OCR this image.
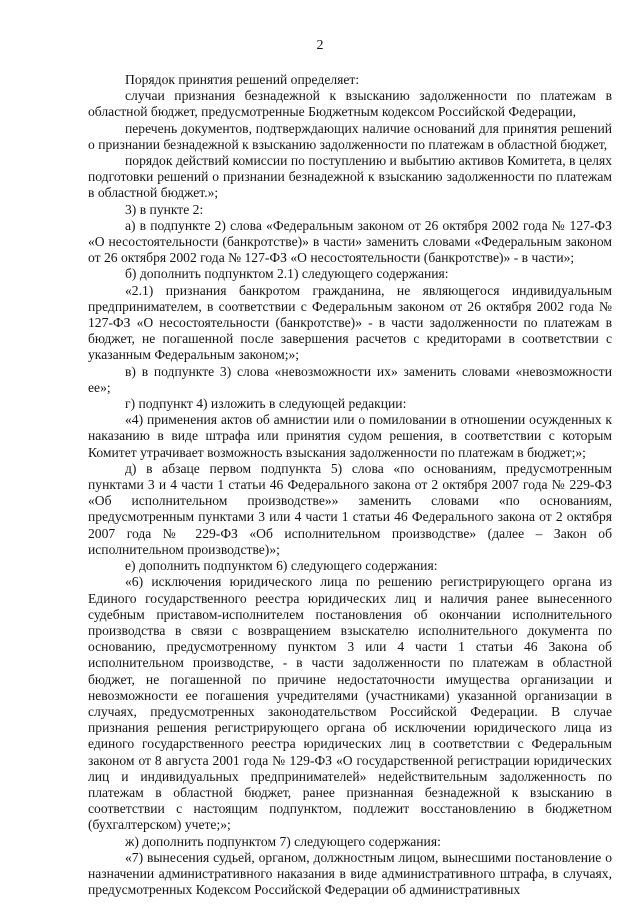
2

Порядок принятия решений определяет:

случаи признания безнадежной к взысканию задолженности по платежам в областной бюджет, предусмотренные Бюджетным кодексом Российской Федерации,

перечень документов, подтверждающих наличие оснований для принятия решений о признании безнадежной к взысканию задолженности по платежам в областной бюджет,

порядок действий комиссии по поступлению и выбытию активов Комитета, в целях подготовки решений о признании безнадежной к взысканию задолженности по платежам в областной бюджет.»;

3) в пункте 2:

а) в подпункте 2) слова «Федеральным законом от 26 октября 2002 года № 127-ФЗ «О несостоятельности (банкротстве)» в части» заменить словами «Федеральным законом от 26 октября 2002 года № 127-ФЗ «О несостоятельности (банкротстве)» - в части»;

б) дополнить подпунктом 2.1) следующего содержания:

«2.1) признания банкротом гражданина, не являющегося индивидуальным предпринимателем, в соответствии с Федеральным законом от 26 октября 2002 года № 127-ФЗ «О несостоятельности (банкротстве)» - в части задолженности по платежам в бюджет, не погашенной после завершения расчетов с кредиторами в соответствии с указанным Федеральным законом;»;

в) в подпункте 3) слова «невозможности их» заменить словами «невозможности ее»;

г) подпункт 4) изложить в следующей редакции:

«4) применения актов об амнистии или о помиловании в отношении осужденных к наказанию в виде штрафа или принятия судом решения, в соответствии с которым Комитет утрачивает возможность взыскания задолженности по платежам в бюджет;»;

д) в абзаце первом подпункта 5) слова «по основаниям, предусмотренным пунктами 3 и 4 части 1 статьи 46 Федерального закона от 2 октября 2007 года № 229-ФЗ «Об исполнительном производстве»» заменить словами «по основаниям, предусмотренным пунктами 3 или 4 части 1 статьи 46 Федерального закона от 2 октября 2007 года № 229-ФЗ «Об исполнительном производстве» (далее – Закон об исполнительном производстве)»;

е) дополнить подпунктом 6) следующего содержания:

«6) исключения юридического лица по решению регистрирующего органа из Единого государственного реестра юридических лиц и наличия ранее вынесенного судебным приставом-исполнителем постановления об окончании исполнительного производства в связи с возвращением взыскателю исполнительного документа по основанию, предусмотренному пунктом 3 или 4 части 1 статьи 46 Закона об исполнительном производстве, - в части задолженности по платежам в областной бюджет, не погашенной по причине недостаточности имущества организации и невозможности ее погашения учредителями (участниками) указанной организации в случаях, предусмотренных законодательством Российской Федерации. В случае признания решения регистрирующего органа об исключении юридического лица из единого государственного реестра юридических лиц в соответствии с Федеральным законом от 8 августа 2001 года № 129-ФЗ «О государственной регистрации юридических лиц и индивидуальных предпринимателей» недействительным задолженность по платежам в областной бюджет, ранее признанная безнадежной к взысканию в соответствии с настоящим подпунктом, подлежит восстановлению в бюджетном (бухгалтерском) учете;»;

ж) дополнить подпунктом 7) следующего содержания:

«7) вынесения судьей, органом, должностным лицом, вынесшими постановление о назначении административного наказания в виде административного штрафа, в случаях, предусмотренных Кодексом Российской Федерации об административных
